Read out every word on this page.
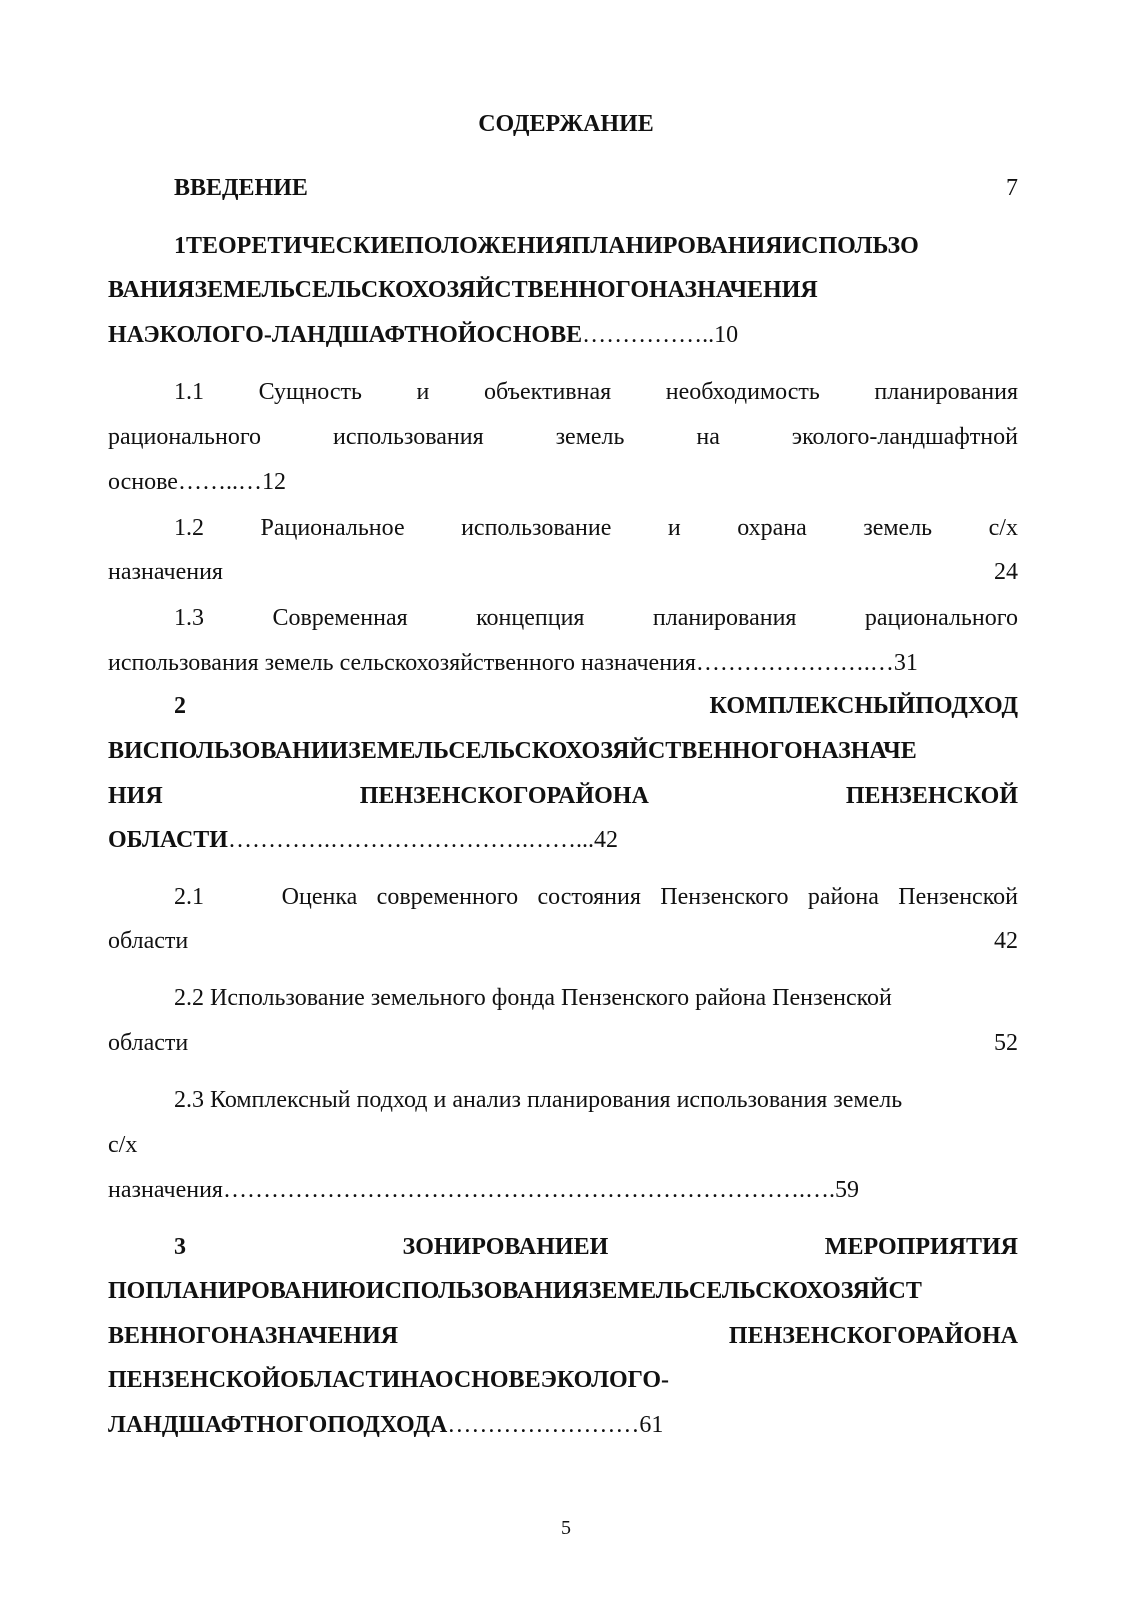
СОДЕРЖАНИЕ
ВВЕДЕНИЕ	7
1ТЕОРЕТИЧЕСКИЕПОЛОЖЕНИЯПЛАНИРОВАНИЯИСПОЛЬЗО
ВАНИЯЗЕМЕЛЬСЕЛЬСКОХОЗЯЙСТВЕННОГОНАЗНАЧЕНИЯ
НАЭКОЛОГО-ЛАНДШАФТНОЙОСНОВЕ……………..10
1.1 Сущность и объективная необходимость планирования
рационального	использования	земель	на	эколого-ландшафтной
основе……..…12
1.2 Рациональное использование и охрана земель с/х
назначения	24
1.3	Современная	концепция	планирования	рационального
использования земель сельскохозяйственного назначения………………….…31
2	КОМПЛЕКСНЫЙПОДХОД
ВИСПОЛЬЗОВАНИИЗЕМЕЛЬСЕЛЬСКОХОЗЯЙСТВЕННОГОНАЗНАЧЕ
НИЯ	ПЕНЗЕНСКОГОРАЙОНА	ПЕНЗЕНСКОЙ
ОБЛАСТИ………….…………………….……...42
2.1    Оценка современного состояния Пензенского района Пензенской
области	42
2.2 Использование земельного фонда Пензенского района Пензенской
области	52
2.3 Комплексный подход и анализ планирования использования земель
с/х
назначения……………………………………………………………….….59
3	ЗОНИРОВАНИЕИ	МЕРОПРИЯТИЯ
ПОПЛАНИРОВАНИЮИСПОЛЬЗОВАНИЯЗЕМЕЛЬСЕЛЬСКОХОЗЯЙСТ
ВЕННОГОНАЗНАЧЕНИЯ	ПЕНЗЕНСКОГОРАЙОНА
ПЕНЗЕНСКОЙОБЛАСТИНАОСНОВЕЭКОЛОГО-
ЛАНДШАФТНОГОПОДХОДА……………………61
5
